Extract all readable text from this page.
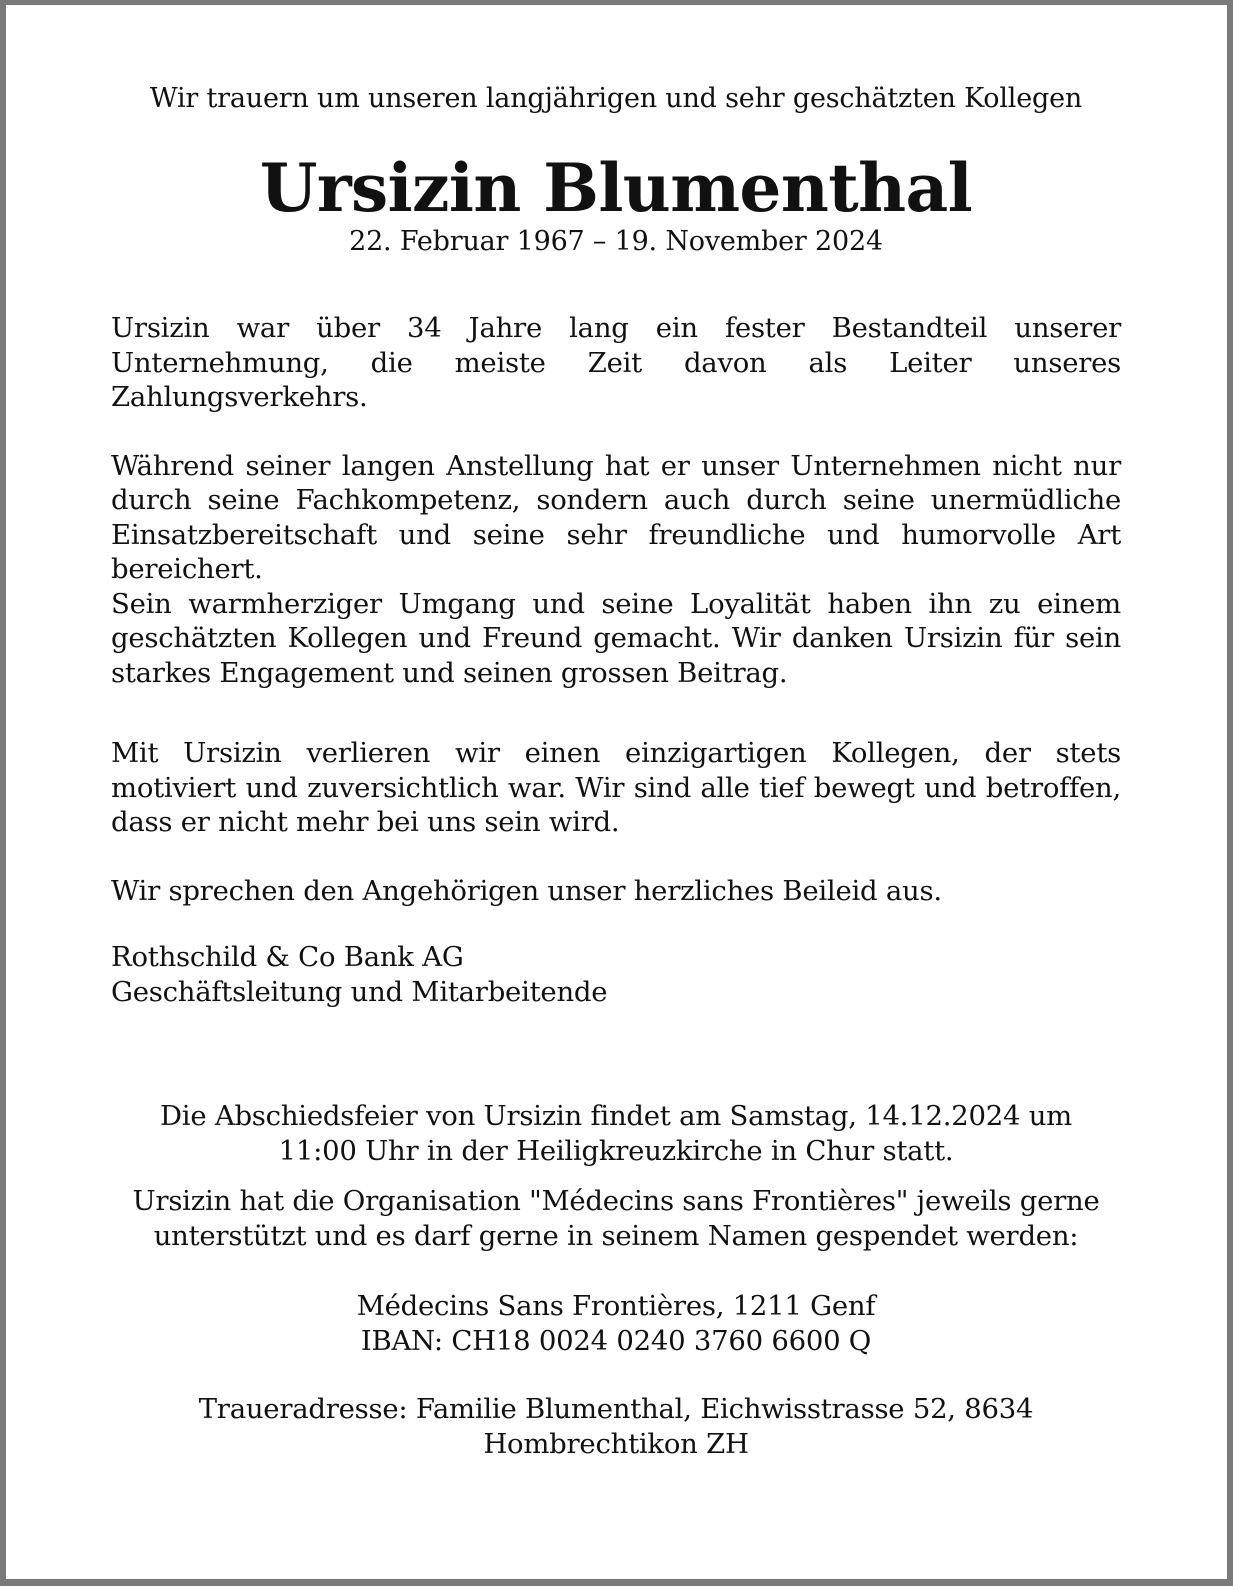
Wir trauern um unseren langjährigen und sehr geschätzten Kollegen

Ursizin Blumenthal

22. Februar 1967 – 19. November 2024

Ursizin war über 34 Jahre lang ein fester Bestandteil unserer Unternehmung, die meiste Zeit davon als Leiter unseres Zahlungsverkehrs.

Während seiner langen Anstellung hat er unser Unternehmen nicht nur durch seine Fachkompetenz, sondern auch durch seine unermüdliche Einsatzbereitschaft und seine sehr freundliche und humorvolle Art bereichert.

Sein warmherziger Umgang und seine Loyalität haben ihn zu einem geschätzten Kollegen und Freund gemacht. Wir danken Ursizin für sein starkes Engagement und seinen grossen Beitrag.

Mit Ursizin verlieren wir einen einzigartigen Kollegen, der stets motiviert und zuversichtlich war. Wir sind alle tief bewegt und betroffen, dass er nicht mehr bei uns sein wird.

Wir sprechen den Angehörigen unser herzliches Beileid aus.

Rothschild & Co Bank AG
Geschäftsleitung und Mitarbeitende

Die Abschiedsfeier von Ursizin findet am Samstag, 14.12.2024 um 11:00 Uhr in der Heiligkreuzkirche in Chur statt.

Ursizin hat die Organisation "Médecins sans Frontières" jeweils gerne unterstützt und es darf gerne in seinem Namen gespendet werden:

Médecins Sans Frontières, 1211 Genf
IBAN: CH18 0024 0240 3760 6600 Q

Traueradresse: Familie Blumenthal, Eichwisstrasse 52, 8634 Hombrechtikon ZH
